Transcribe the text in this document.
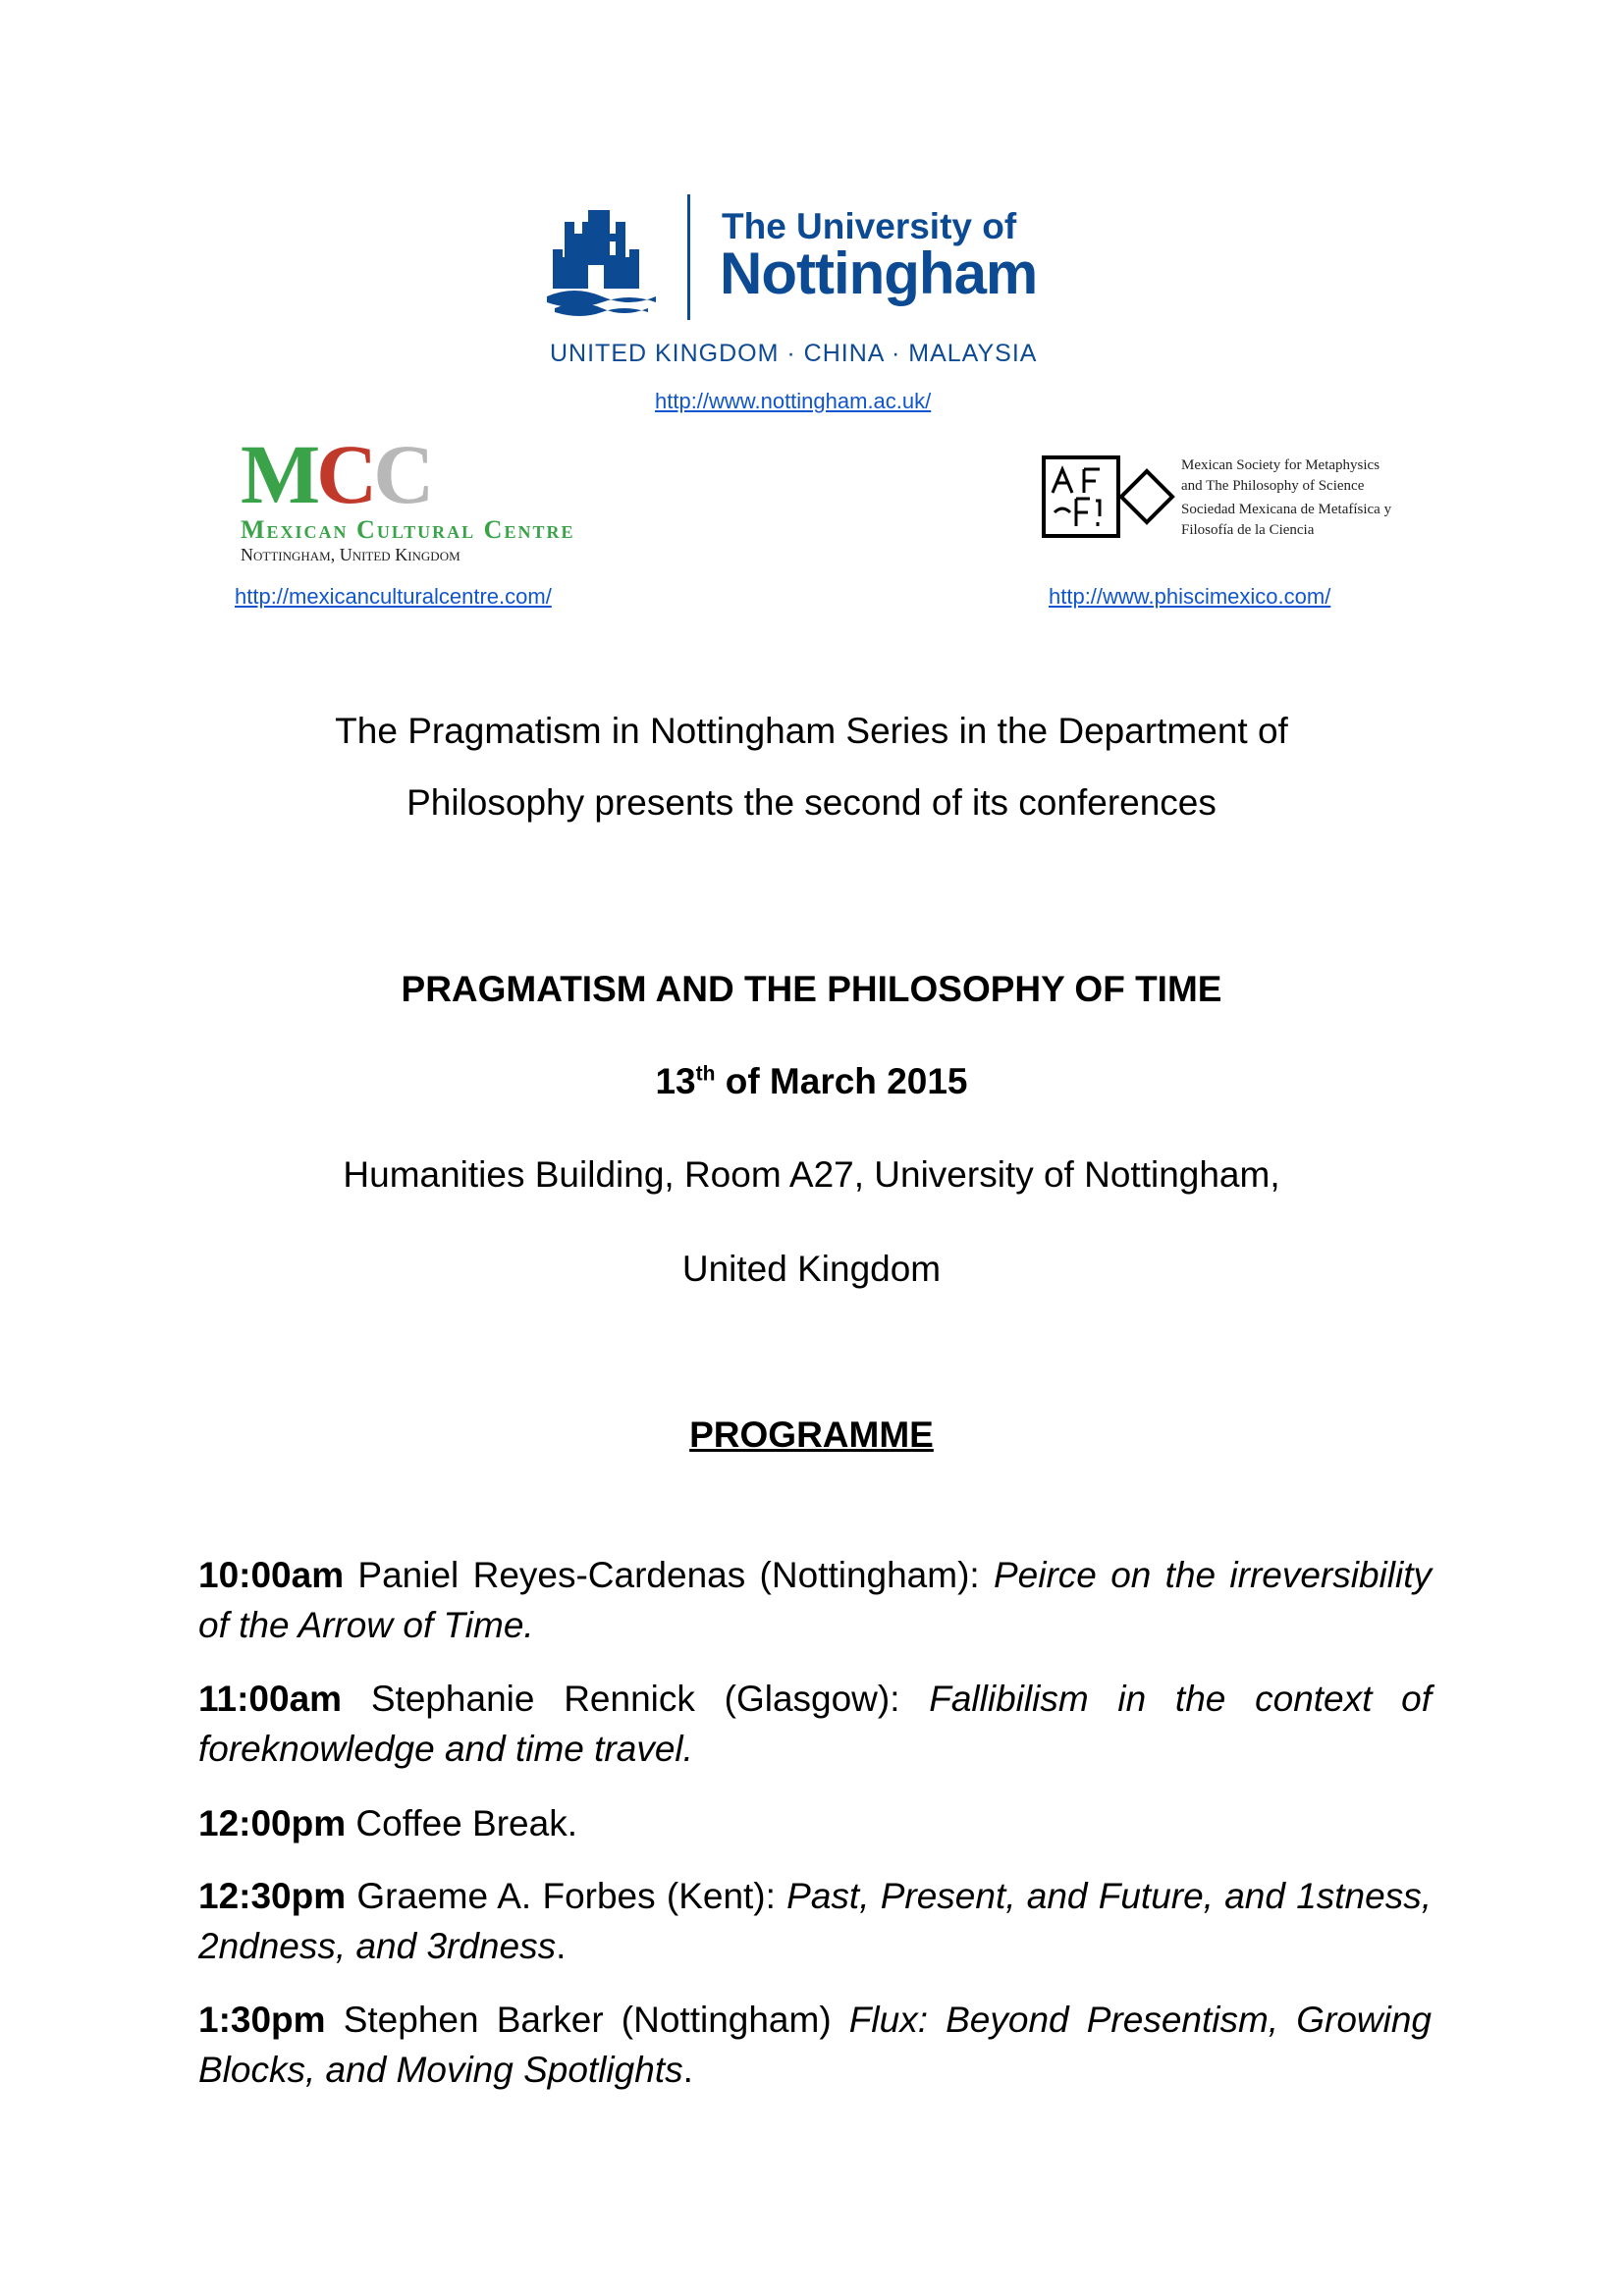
The University of
Nottingham
UNITED KINGDOM · CHINA · MALAYSIA
http://www.nottingham.ac.uk/
MCC
Mexican Cultural Centre
Nottingham, United Kingdom
http://mexicanculturalcentre.com/
Mexican Society for Metaphysics
and The Philosophy of Science
Sociedad Mexicana de Metafísica y
Filosofía de la Ciencia
http://www.phiscimexico.com/
The Pragmatism in Nottingham Series in the Department of
Philosophy presents the second of its conferences
PRAGMATISM AND THE PHILOSOPHY OF TIME
13th of March 2015
Humanities Building, Room A27, University of Nottingham,
United Kingdom
PROGRAMME
10:00am Paniel Reyes-Cardenas (Nottingham): Peirce on the irreversibility of the Arrow of Time.
11:00am Stephanie Rennick (Glasgow): Fallibilism in the context of foreknowledge and time travel.
12:00pm Coffee Break.
12:30pm Graeme A. Forbes (Kent): Past, Present, and Future, and 1stness, 2ndness, and 3rdness.
1:30pm Stephen Barker (Nottingham) Flux: Beyond Presentism, Growing Blocks, and Moving Spotlights.
